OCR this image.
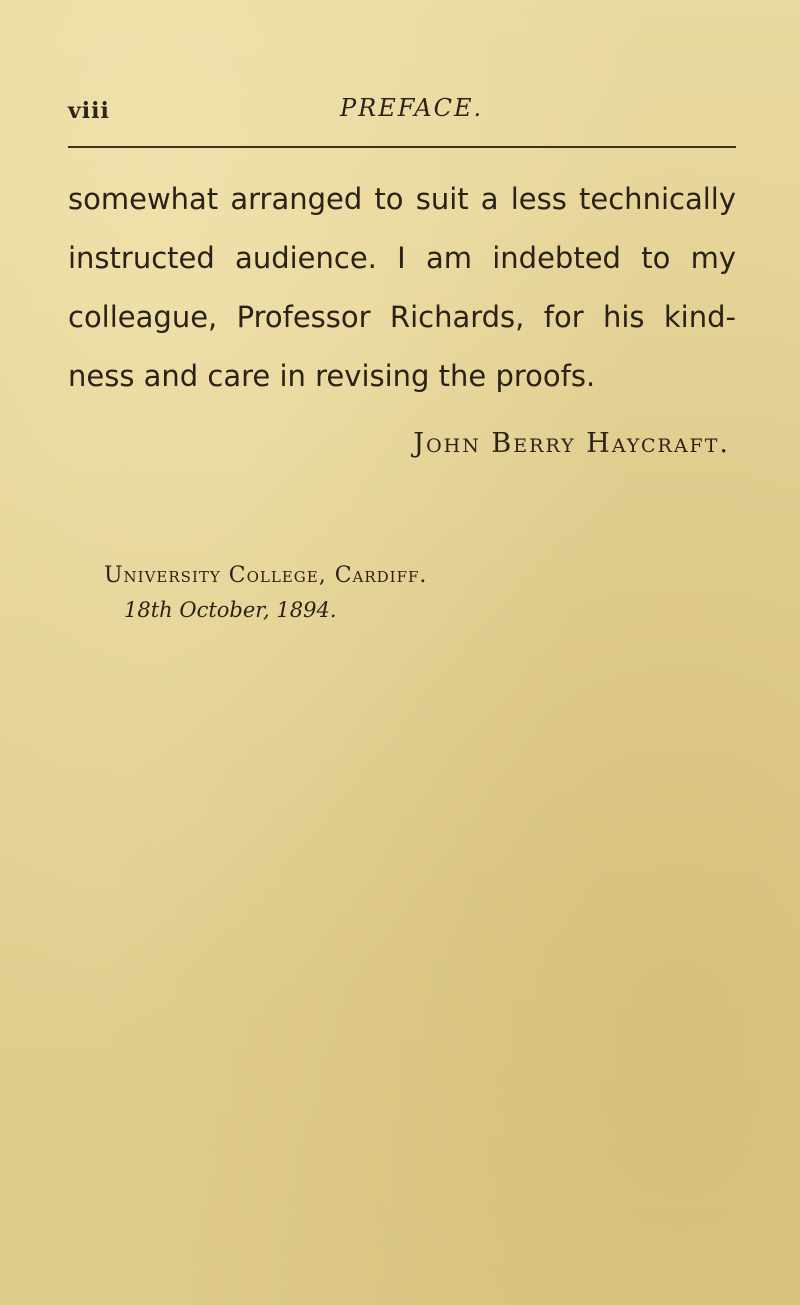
viii	PREFACE.
somewhat arranged to suit a less technically
instructed audience. I am indebted to my
colleague, Professor Richards, for his kind-
ness and care in revising the proofs.
John Berry Haycraft.
University College, Cardiff.
18th October, 1894.
